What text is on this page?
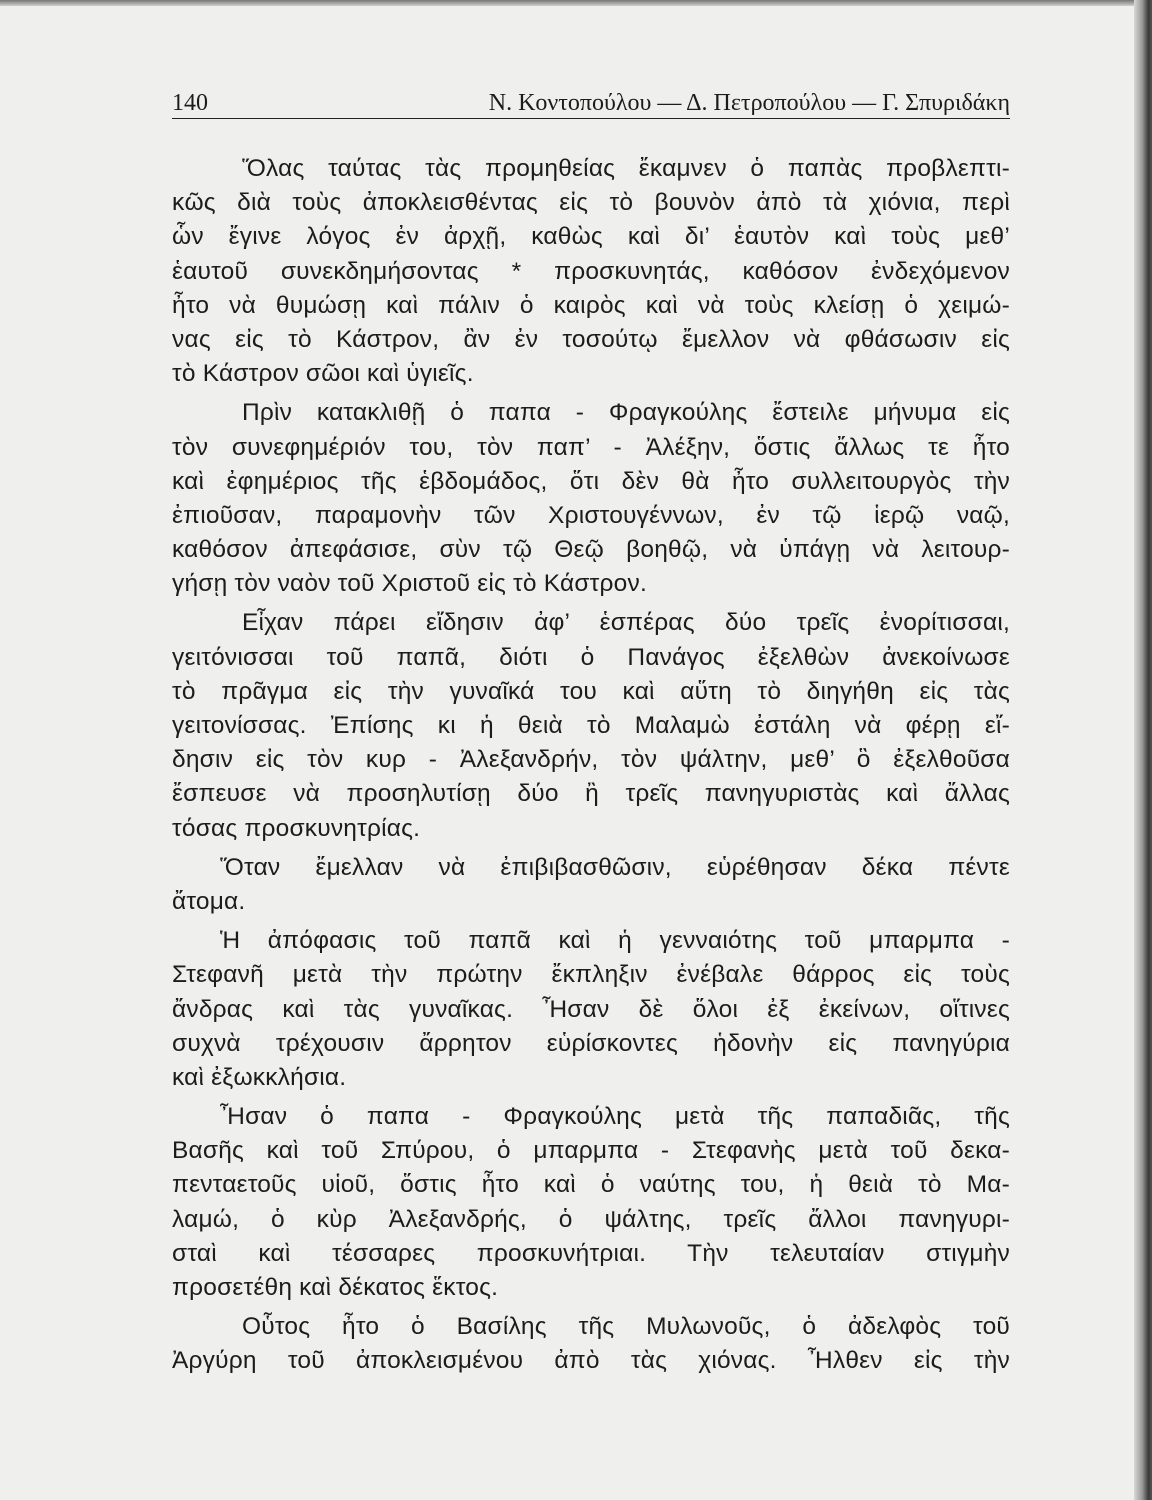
140	Ν. Κοντοπούλου — Δ. Πετροπούλου — Γ. Σπυριδάκη
Ὅλας ταύτας τὰς προμηθείας ἔκαμνεν ὁ παπὰς προβλεπτι-
κῶς διὰ τοὺς ἀποκλεισθέντας εἰς τὸ βουνὸν ἀπὸ τὰ χιόνια, περὶ
ὧν ἔγινε λόγος ἐν ἀρχῇ, καθὼς καὶ δι’ ἑαυτὸν καὶ τοὺς μεθ’
ἑαυτοῦ συνεκδημήσοντας * προσκυνητάς, καθόσον ἐνδεχόμενον
ἦτο νὰ θυμώσῃ καὶ πάλιν ὁ καιρὸς καὶ νὰ τοὺς κλείσῃ ὁ χειμώ-
νας εἰς τὸ Κάστρον, ἂν ἐν τοσούτῳ ἔμελλον νὰ φθάσωσιν εἰς
τὸ Κάστρον σῶοι καὶ ὑγιεῖς.
Πρὶν κατακλιθῇ ὁ παπα - Φραγκούλης ἔστειλε μήνυμα εἰς
τὸν συνεφημέριόν του, τὸν παπ’ - Ἀλέξην, ὅστις ἄλλως τε ἦτο
καὶ ἐφημέριος τῆς ἑβδομάδος, ὅτι δὲν θὰ ἦτο συλλειτουργὸς τὴν
ἐπιοῦσαν, παραμονὴν τῶν Χριστουγέννων, ἐν τῷ ἱερῷ ναῷ,
καθόσον ἀπεφάσισε, σὺν τῷ Θεῷ βοηθῷ, νὰ ὑπάγῃ νὰ λειτουρ-
γήσῃ τὸν ναὸν τοῦ Χριστοῦ εἰς τὸ Κάστρον.
Εἶχαν πάρει εἴδησιν ἀφ’ ἑσπέρας δύο τρεῖς ἐνορίτισσαι,
γειτόνισσαι τοῦ παπᾶ, διότι ὁ Πανάγος ἐξελθὼν ἀνεκοίνωσε
τὸ πρᾶγμα εἰς τὴν γυναῖκά του καὶ αὕτη τὸ διηγήθη εἰς τὰς
γειτονίσσας. Ἐπίσης κι ἡ θειὰ τὸ Μαλαμὼ ἐστάλη νὰ φέρῃ εἴ-
δησιν εἰς τὸν κυρ - Ἀλεξανδρήν, τὸν ψάλτην, μεθ’ ὃ ἐξελθοῦσα
ἔσπευσε νὰ προσηλυτίσῃ δύο ἢ τρεῖς πανηγυριστὰς καὶ ἄλλας
τόσας προσκυνητρίας.
Ὅταν ἔμελλαν νὰ ἐπιβιβασθῶσιν, εὑρέθησαν δέκα πέντε
ἄτομα.
Ἡ ἀπόφασις τοῦ παπᾶ καὶ ἡ γενναιότης τοῦ μπαρμπα -
Στεφανῆ μετὰ τὴν πρώτην ἔκπληξιν ἐνέβαλε θάρρος εἰς τοὺς
ἄνδρας καὶ τὰς γυναῖκας. Ἦσαν δὲ ὅλοι ἐξ ἐκείνων, οἵτινες
συχνὰ τρέχουσιν ἄρρητον εὑρίσκοντες ἡδονὴν εἰς πανηγύρια
καὶ ἐξωκκλήσια.
Ἦσαν ὁ παπα - Φραγκούλης μετὰ τῆς παπαδιᾶς, τῆς
Βασῆς καὶ τοῦ Σπύρου, ὁ μπαρμπα - Στεφανὴς μετὰ τοῦ δεκα-
πενταετοῦς υἱοῦ, ὅστις ἦτο καὶ ὁ ναύτης του, ἡ θειὰ τὸ Μα-
λαμώ, ὁ κὺρ Ἀλεξανδρής, ὁ ψάλτης, τρεῖς ἄλλοι πανηγυρι-
σταὶ καὶ τέσσαρες προσκυνήτριαι. Τὴν τελευταίαν στιγμὴν
προσετέθη καὶ δέκατος ἕκτος.
Οὗτος ἦτο ὁ Βασίλης τῆς Μυλωνοῦς, ὁ ἀδελφὸς τοῦ
Ἀργύρη τοῦ ἀποκλεισμένου ἀπὸ τὰς χιόνας. Ἦλθεν εἰς τὴν
